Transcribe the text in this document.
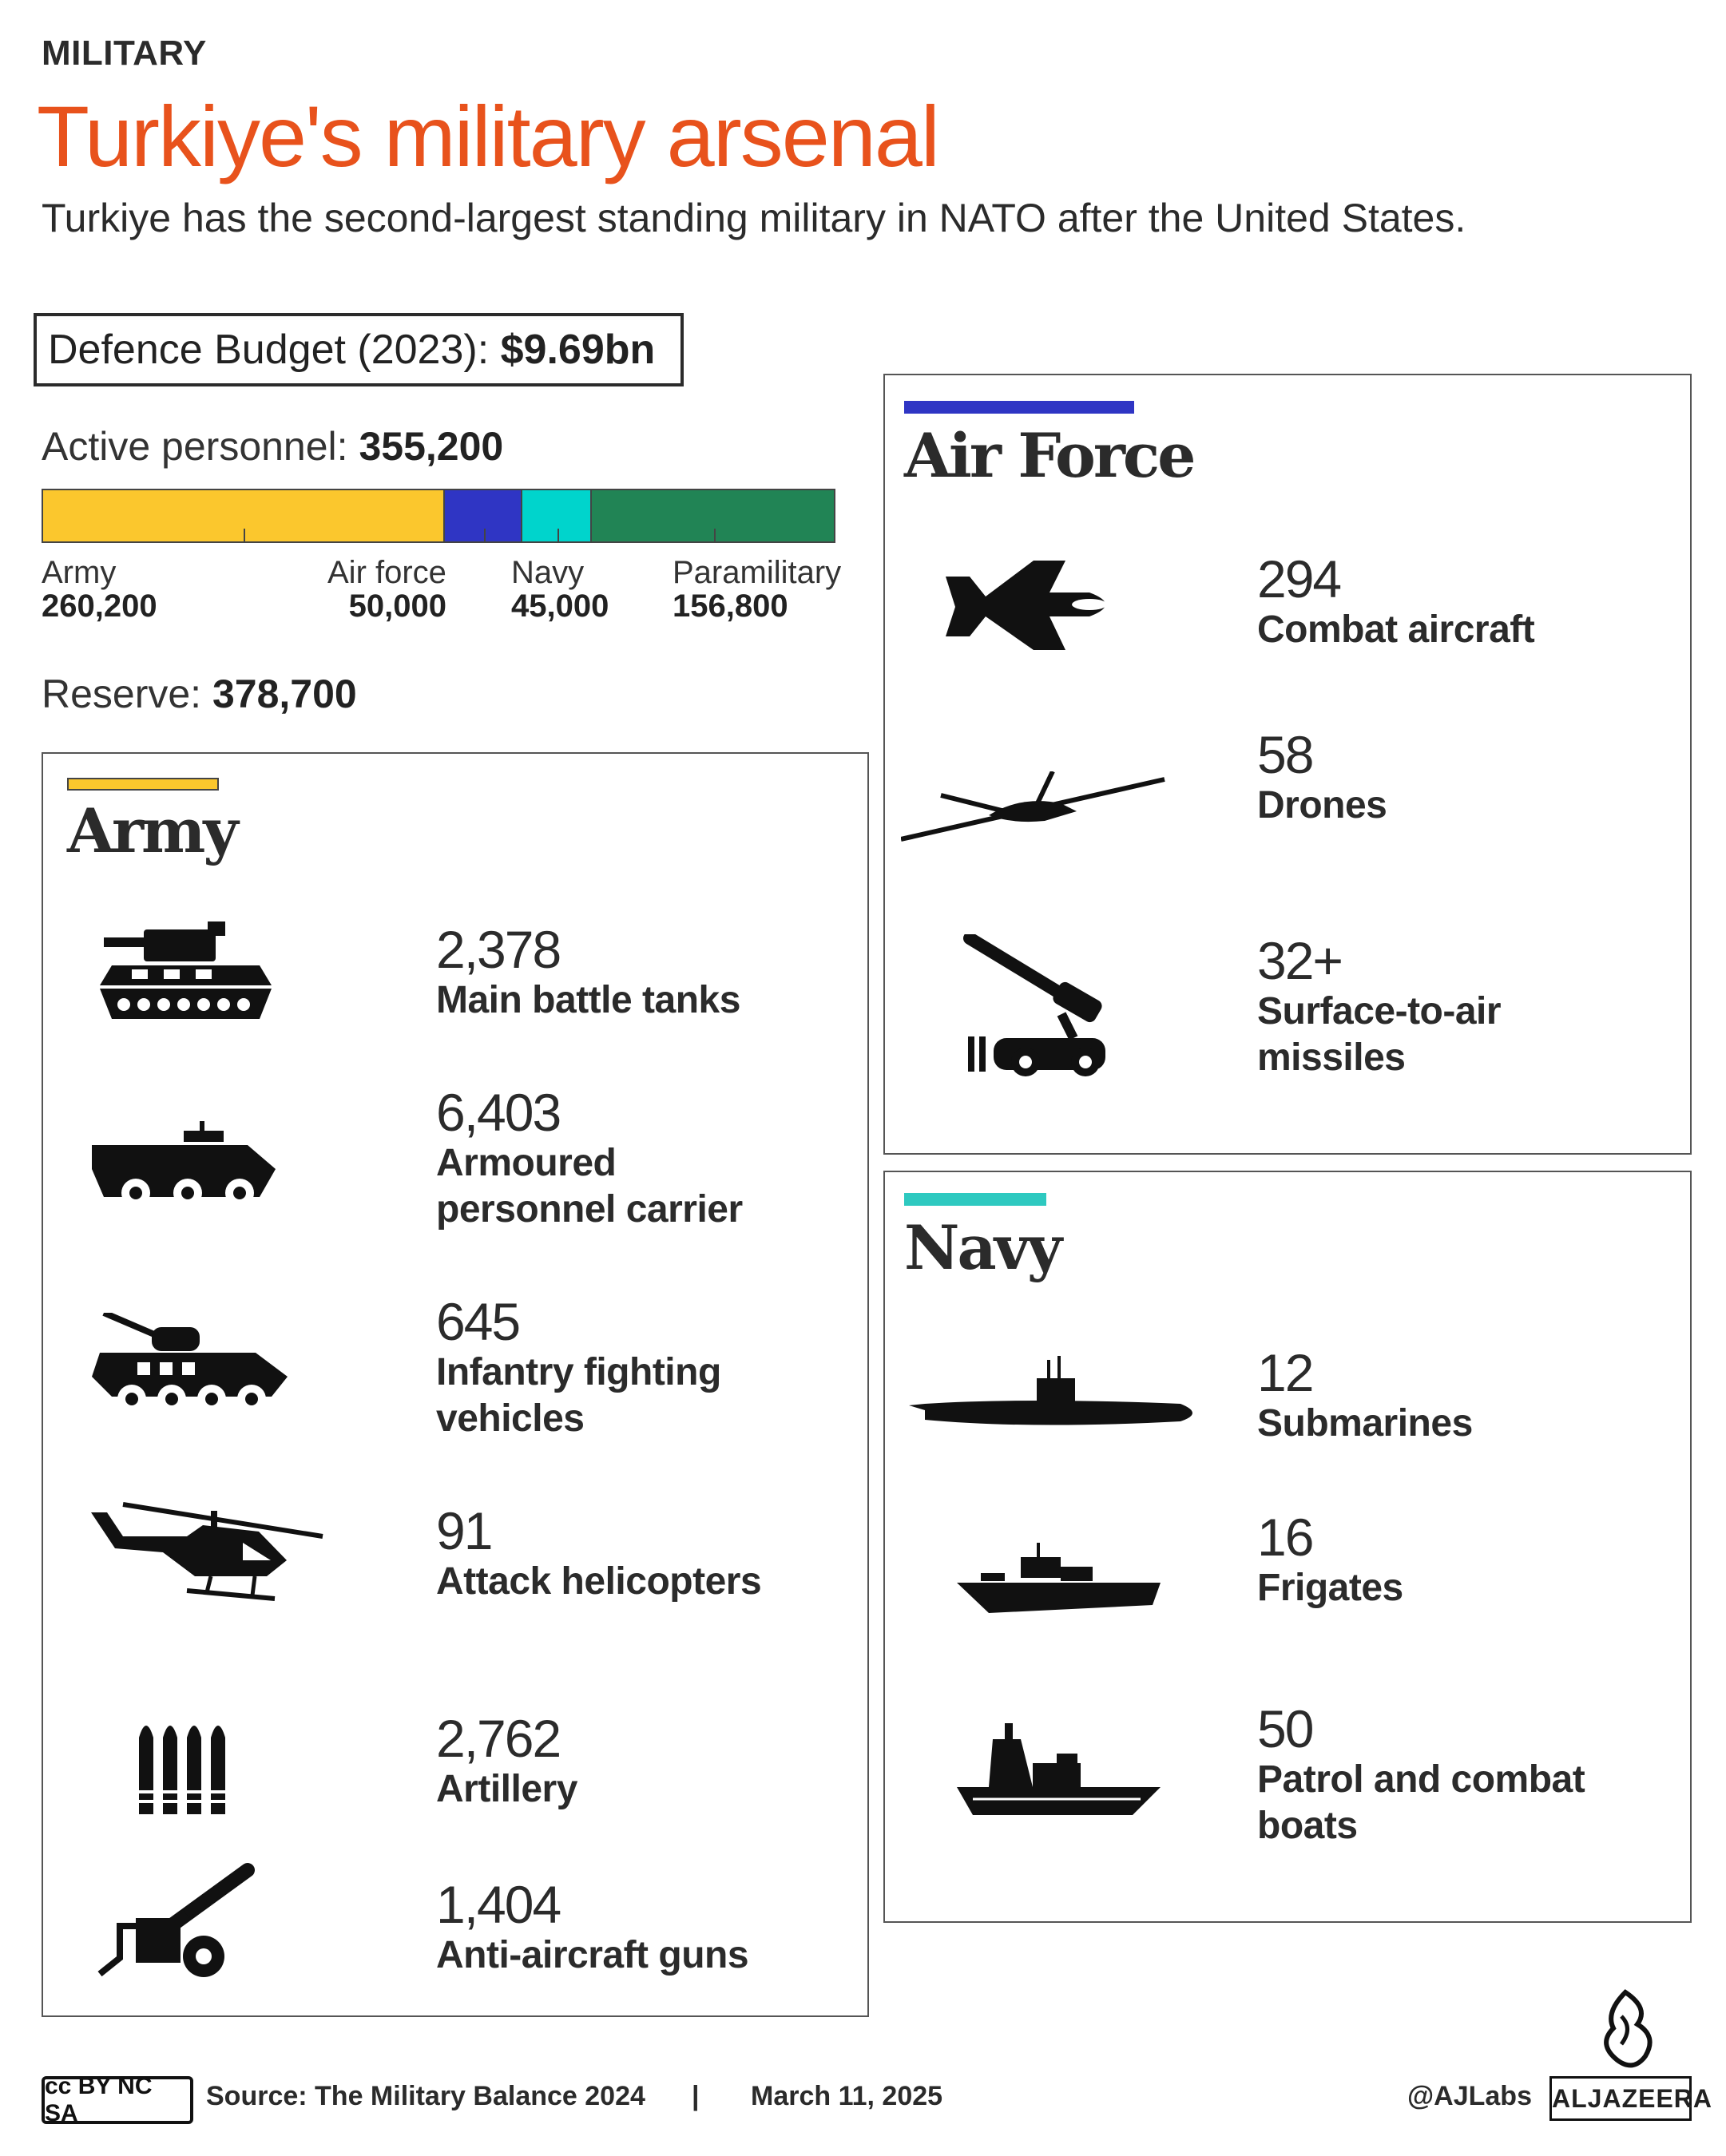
MILITARY
Turkiye's military arsenal
Turkiye has the second-largest standing military in NATO after the United States.
Defence Budget (2023): $9.69bn
Active personnel: 355,200
Army
260,200
Air force
50,000
Navy
45,000
Paramilitary
156,800
Reserve: 378,700
Army
2,378
Main battle tanks
6,403
Armoured personnel carrier
645
Infantry fighting vehicles
91
Attack helicopters
2,762
Artillery
1,404
Anti-aircraft guns
Air Force
294
Combat aircraft
58
Drones
32+
Surface-to-air missiles
Navy
12
Submarines
16
Frigates
50
Patrol and combat boats
cc BY NC SA
Source: The Military Balance 2024 | March 11, 2025	@AJLabs ALJAZEERA
